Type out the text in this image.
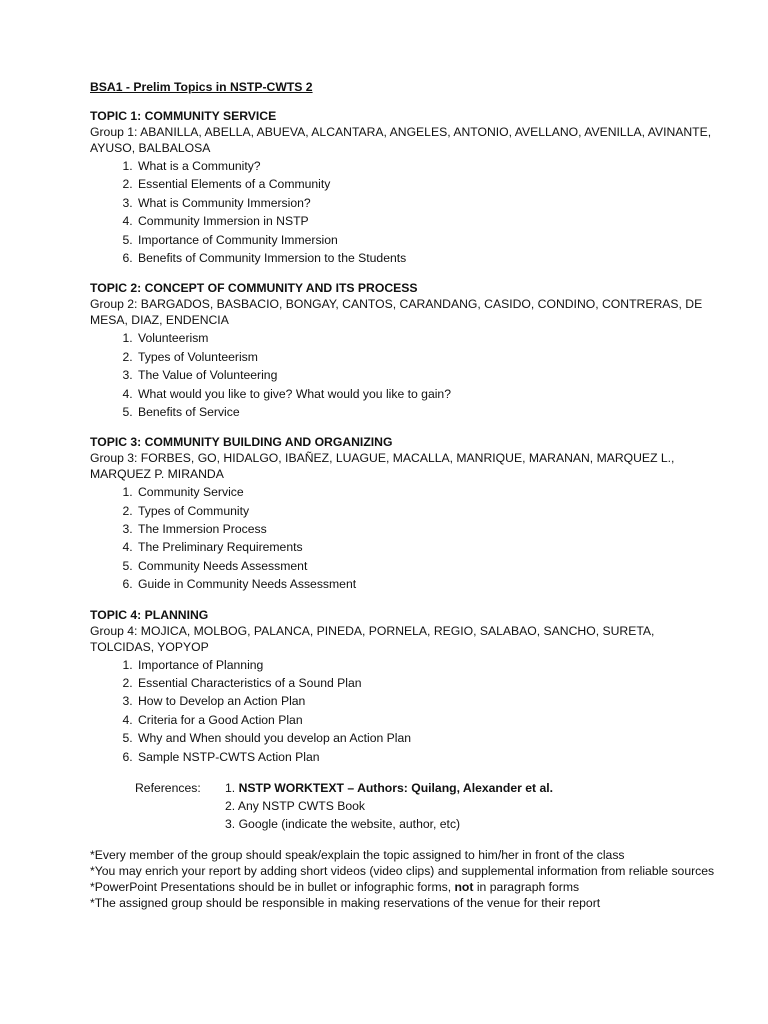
BSA1 - Prelim Topics in NSTP-CWTS 2
TOPIC 1: COMMUNITY SERVICE
Group 1: ABANILLA, ABELLA, ABUEVA, ALCANTARA, ANGELES, ANTONIO, AVELLANO, AVENILLA, AVINANTE, AYUSO, BALBALOSA
1. What is a Community?
2. Essential Elements of a Community
3. What is Community Immersion?
4. Community Immersion in NSTP
5. Importance of Community Immersion
6. Benefits of Community Immersion to the Students
TOPIC 2: CONCEPT OF COMMUNITY AND ITS PROCESS
Group 2: BARGADOS, BASBACIO, BONGAY, CANTOS, CARANDANG, CASIDO, CONDINO, CONTRERAS, DE MESA, DIAZ, ENDENCIA
1. Volunteerism
2. Types of Volunteerism
3. The Value of Volunteering
4. What would you like to give? What would you like to gain?
5. Benefits of Service
TOPIC 3: COMMUNITY BUILDING AND ORGANIZING
Group 3: FORBES, GO, HIDALGO, IBAÑEZ, LUAGUE, MACALLA, MANRIQUE, MARANAN, MARQUEZ L., MARQUEZ P. MIRANDA
1. Community Service
2. Types of Community
3. The Immersion Process
4. The Preliminary Requirements
5. Community Needs Assessment
6. Guide in Community Needs Assessment
TOPIC 4: PLANNING
Group 4: MOJICA, MOLBOG, PALANCA, PINEDA, PORNELA, REGIO, SALABAO, SANCHO, SURETA, TOLCIDAS, YOPYOP
1. Importance of Planning
2. Essential Characteristics of a Sound Plan
3. How to Develop an Action Plan
4. Criteria for a Good Action Plan
5. Why and When should you develop an Action Plan
6. Sample NSTP-CWTS Action Plan
References:	1. NSTP WORKTEXT – Authors: Quilang, Alexander et al.
2. Any NSTP CWTS Book
3. Google (indicate the website, author, etc)
*Every member of the group should speak/explain the topic assigned to him/her in front of the class
*You may enrich your report by adding short videos (video clips) and supplemental information from reliable sources
*PowerPoint Presentations should be in bullet or infographic forms, not in paragraph forms
*The assigned group should be responsible in making reservations of the venue for their report
